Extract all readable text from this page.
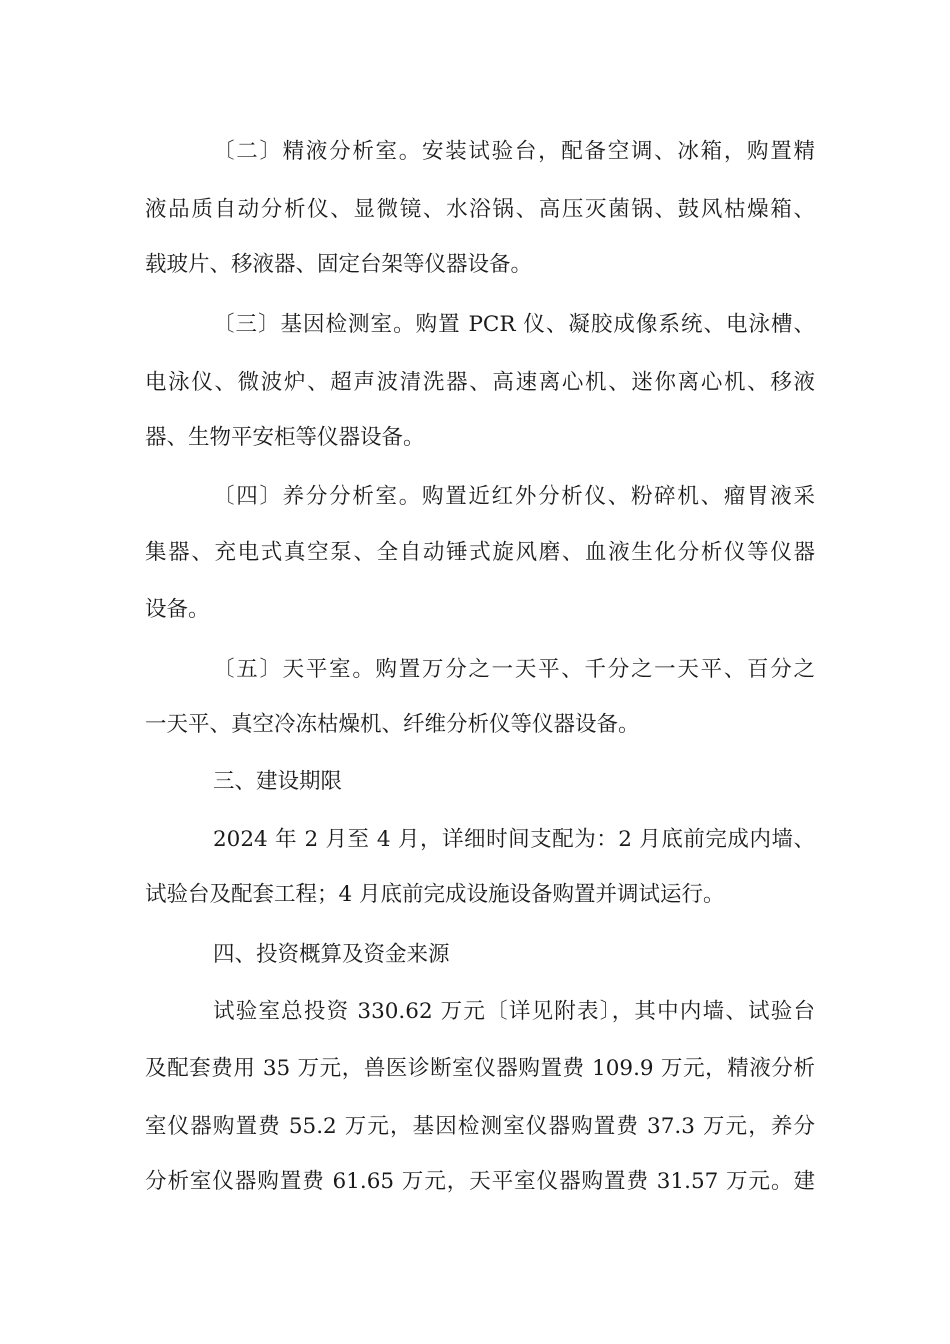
〔二〕精液分析室。安装试验台，配备空调、冰箱，购置精
液品质自动分析仪、显微镜、水浴锅、高压灭菌锅、鼓风枯燥箱、
载玻片、移液器、固定台架等仪器设备。
〔三〕基因检测室。购置 PCR 仪、凝胶成像系统、电泳槽、
电泳仪、微波炉、超声波清洗器、高速离心机、迷你离心机、移液
器、生物平安柜等仪器设备。
〔四〕养分分析室。购置近红外分析仪、粉碎机、瘤胃液采
集器、充电式真空泵、全自动锤式旋风磨、血液生化分析仪等仪器
设备。
〔五〕天平室。购置万分之一天平、千分之一天平、百分之
一天平、真空冷冻枯燥机、纤维分析仪等仪器设备。
三、建设期限
2024 年 2 月至 4 月，详细时间支配为：2 月底前完成内墙、
试验台及配套工程；4 月底前完成设施设备购置并调试运行。
四、投资概算及资金来源
试验室总投资 330.62 万元〔详见附表〕，其中内墙、试验台
及配套费用 35 万元，兽医诊断室仪器购置费 109.9 万元，精液分析
室仪器购置费 55.2 万元，基因检测室仪器购置费 37.3 万元，养分
分析室仪器购置费 61.65 万元，天平室仪器购置费 31.57 万元。建
